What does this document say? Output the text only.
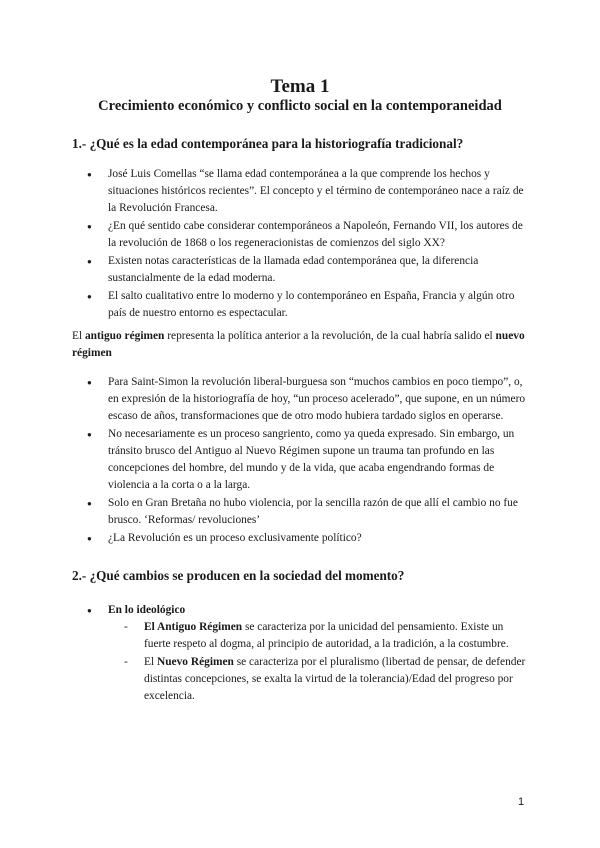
Tema 1
Crecimiento económico y conflicto social en la contemporaneidad
1.- ¿Qué es la edad contemporánea para la historiografía tradicional?
● José Luis Comellas “se llama edad contemporánea a la que comprende los hechos y situaciones históricos recientes”. El concepto y el término de contemporáneo nace a raíz de la Revolución Francesa.
● ¿En qué sentido cabe considerar contemporáneos a Napoleón, Fernando VII, los autores de la revolución de 1868 o los regeneracionistas de comienzos del siglo XX?
● Existen notas características de la llamada edad contemporánea que, la diferencia sustancialmente de la edad moderna.
● El salto cualitativo entre lo moderno y lo contemporáneo en España, Francia y algún otro país de nuestro entorno es espectacular.
El antiguo régimen representa la política anterior a la revolución, de la cual habría salido el nuevo régimen
● Para Saint-Simon la revolución liberal-burguesa son “muchos cambios en poco tiempo”, o, en expresión de la historiografía de hoy, “un proceso acelerado”, que supone, en un número escaso de años, transformaciones que de otro modo hubiera tardado siglos en operarse.
● No necesariamente es un proceso sangriento, como ya queda expresado. Sin embargo, un tránsito brusco del Antiguo al Nuevo Régimen supone un trauma tan profundo en las concepciones del hombre, del mundo y de la vida, que acaba engendrando formas de violencia a la corta o a la larga.
● Solo en Gran Bretaña no hubo violencia, por la sencilla razón de que allí el cambio no fue brusco. ‘Reformas/ revoluciones’
● ¿La Revolución es un proceso exclusivamente político?
2.- ¿Qué cambios se producen en la sociedad del momento?
● En lo ideológico
- El Antiguo Régimen se caracteriza por la unicidad del pensamiento. Existe un fuerte respeto al dogma, al principio de autoridad, a la tradición, a la costumbre.
- El Nuevo Régimen se caracteriza por el pluralismo (libertad de pensar, de defender distintas concepciones, se exalta la virtud de la tolerancia)/Edad del progreso por excelencia.
1
